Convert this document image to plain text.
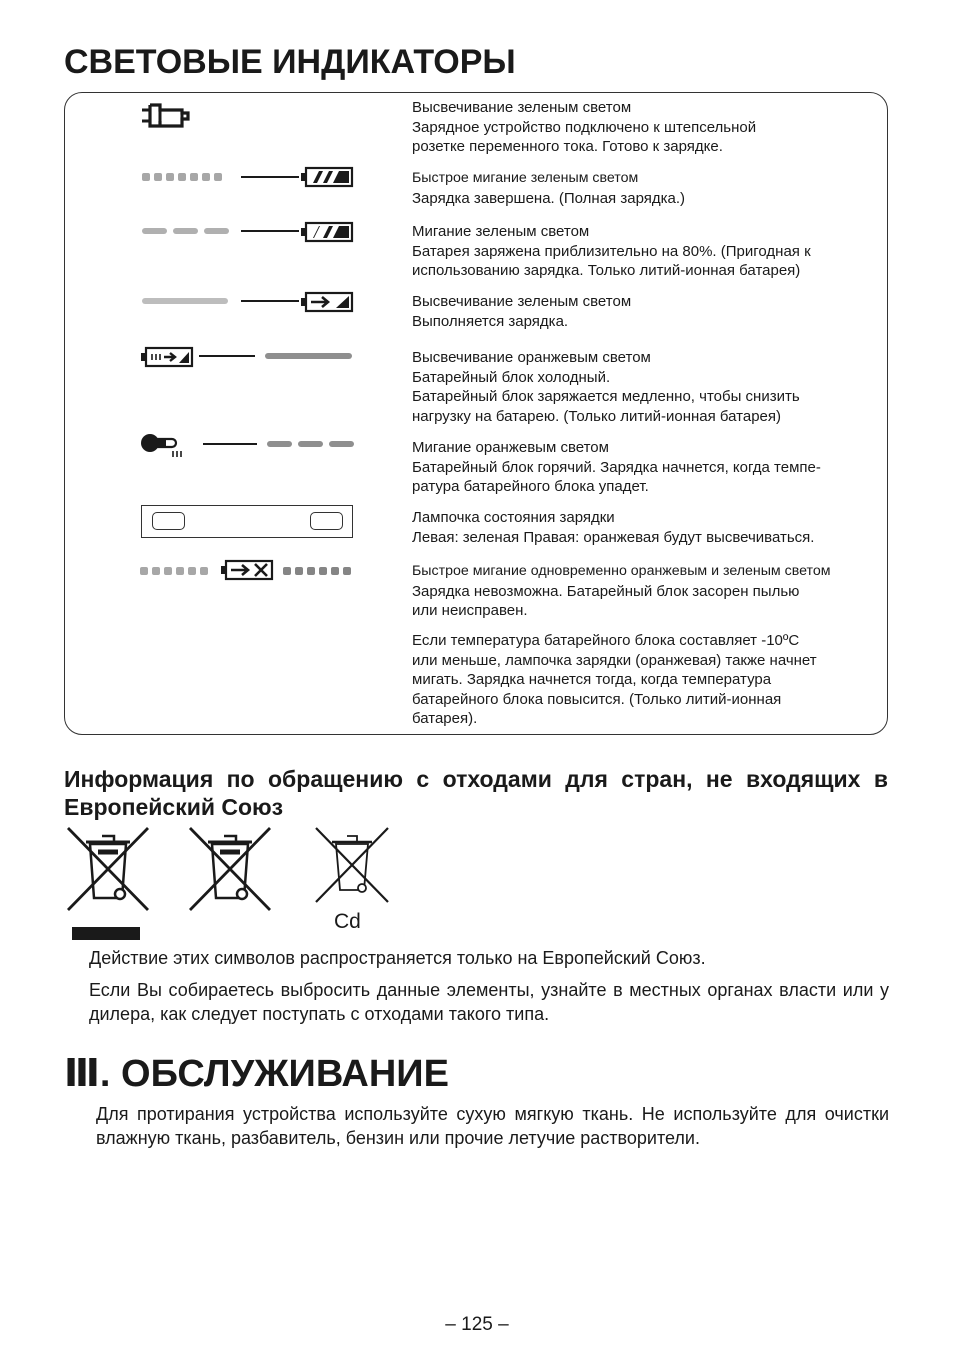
СВЕТОВЫЕ ИНДИКАТОРЫ

Высвечивание зеленым светом
Зарядное устройство подключено к штепсельной
розетке переменного тока. Готово к зарядке.

Быстрое мигание зеленым светом
Зарядка завершена. (Полная зарядка.)

Мигание зеленым светом
Батарея заряжена приблизительно на 80%. (Пригодная к
использованию зарядка. Только литий-ионная батарея)

Высвечивание зеленым светом
Выполняется зарядка.

Высвечивание оранжевым светом
Батарейный блок холодный.
Батарейный блок заряжается медленно, чтобы снизить
нагрузку на батарею. (Только литий-ионная батарея)

Мигание оранжевым светом
Батарейный блок горячий. Зарядка начнется, когда темпе-
ратура батарейного блока упадет.

Лампочка состояния зарядки
Левая: зеленая Правая: оранжевая будут высвечиваться.

Быстрое мигание одновременно оранжевым и зеленым светом
Зарядка невозможна. Батарейный блок засорен пылью
или неисправен.

Если температура батарейного блока составляет -10ºC
или меньше, лампочка зарядки (оранжевая) также начнет
мигать. Зарядка начнется тогда, когда температура
батарейного блока повысится. (Только литий-ионная
батарея).

Информация по обращению с отходами для стран, не входящих в Европейский Союз
Cd

Действие этих символов распространяется только на Европейский Союз.

Если Вы собираетесь выбросить данные элементы, узнайте в местных органах власти или у дилера, как следует поступать с отходами такого типа.

Ⅲ. ОБСЛУЖИВАНИЕ

Для протирания устройства используйте сухую мягкую ткань. Не используйте для очистки влажную ткань, разбавитель, бензин или прочие летучие растворители.

– 125 –
